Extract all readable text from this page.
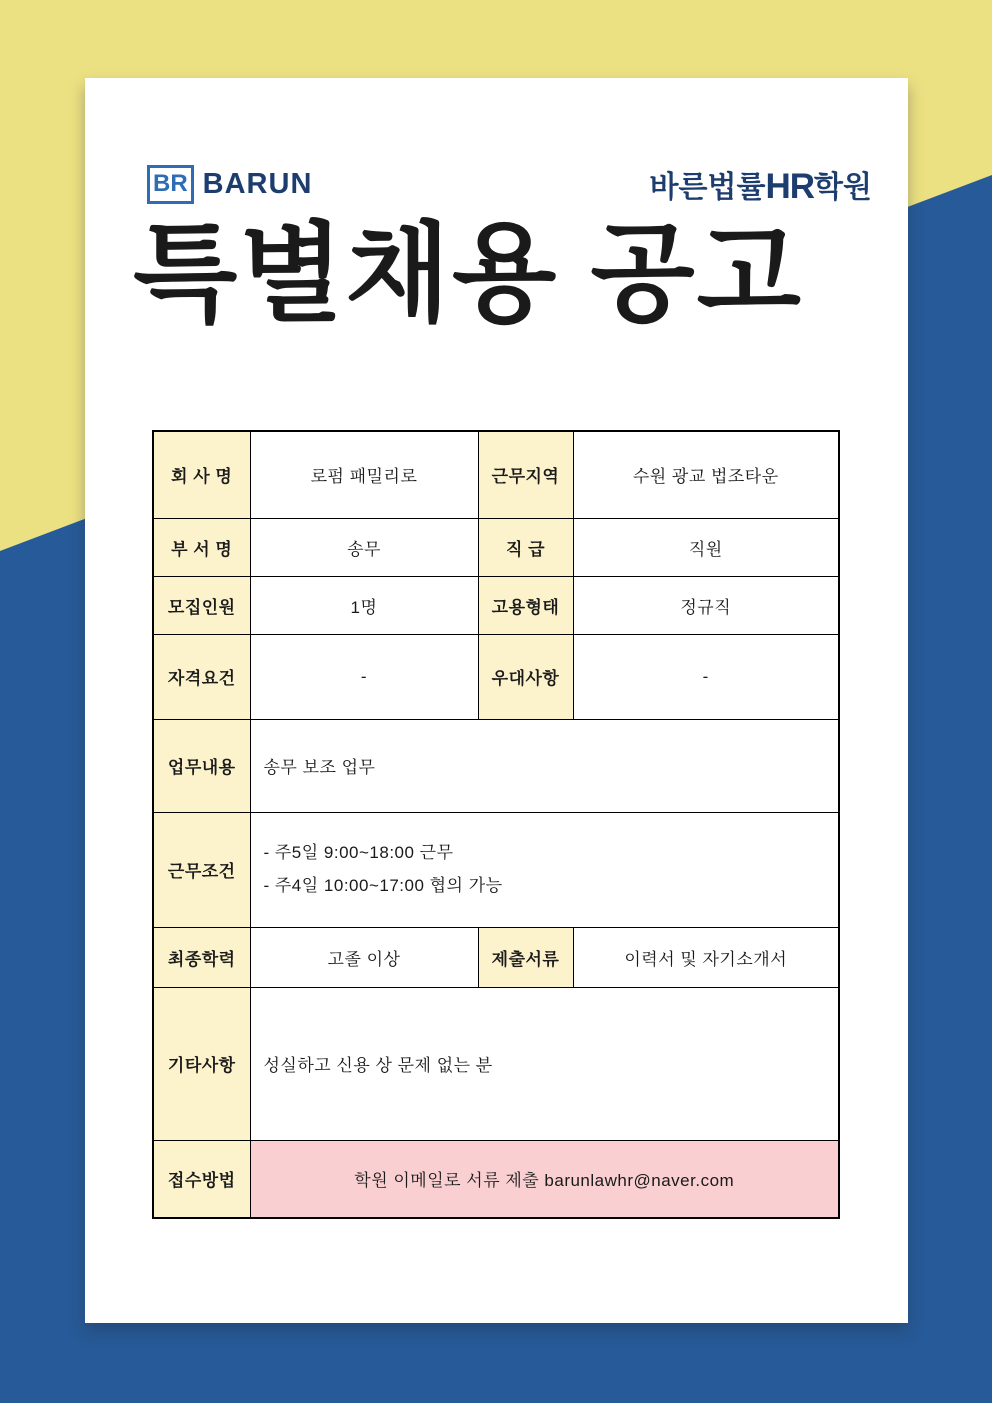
BR BARUN	바른법률HR학원
특별채용 공고
회 사 명	로펌 패밀리로	근무지역	수원 광교 법조타운
부 서 명	송무	직 급	직원
모집인원	1명	고용형태	정규직
자격요건	-	우대사항	-
업무내용	송무 보조 업무		
근무조건	- 주5일 9:00~18:00 근무
- 주4일 10:00~17:00 협의 가능		

최종학력	고졸 이상	제출서류	이력서 및 자기소개서
기타사항	성실하고 신용 상 문제 없는 분		
접수방법	학원 이메일로 서류 제출 barunlawhr@naver.com		
